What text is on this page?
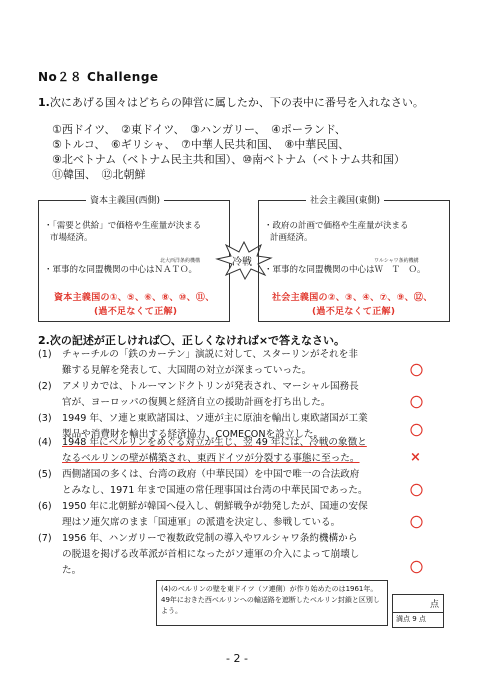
No２８ Challenge
1.次にあげる国々はどちらの陣営に属したか、下の表中に番号を入れなさい。
①西ドイツ、　②東ドイツ、　③ハンガリー、　④ポーランド、
⑤トルコ、　⑥ギリシャ、　⑦中華人民共和国、　⑧中華民国、
⑨北ベトナム（ベトナム民主共和国）、⑩南ベトナム（ベトナム共和国）
⑪韓国、　⑫北朝鮮
資本主義国(西側)
・「需要と供給」で価格や生産量が決まる
市場経済。
北大西洋条約機構
・軍事的な同盟機関の中心はＮＡＴＯ。
資本主義国の①、⑤、⑥、⑧、⑩、⑪、
(過不足なくて正解)
冷戦
社会主義国(東側)
・政府の計画で価格や生産量が決まる
計画経済。
ワルシャワ条約機構
・軍事的な同盟機関の中心はＷ　Ｔ　Ｏ。
社会主義国の②、③、④、⑦、⑨、⑫、
(過不足なくて正解)
2.次の記述が正しければ〇、正しくなければ×で答えなさい。
(1) チャーチルの「鉄のカーテン」演説に対して、スターリンがそれを非
難する見解を発表して、大国間の対立が深まっていった。
(2) アメリカでは、トルーマンドクトリンが発表され、マーシャル国務長
官が、ヨーロッパの復興と経済自立の援助計画を打ち出した。
(3) 1949 年、ソ連と東欧諸国は、ソ連が主に原油を輸出し東欧諸国が工業
製品や消費財を輸出する経済協力、COMECONを設立した。
(4) 1948 年にベルリンをめぐる対立が生じ、翌 49 年には、冷戦の象徴と
なるベルリンの壁が構築され、東西ドイツが分裂する事態に至った。
(5) 西側諸国の多くは、台湾の政府（中華民国）を中国で唯一の合法政府
とみなし、1971 年まで国連の常任理事国は台湾の中華民国であった。
(6) 1950 年に北朝鮮が韓国へ侵入し、朝鮮戦争が勃発したが、国連の安保
理はソ連欠席のまま「国連軍」の派遣を決定し、参戦している。
(7) 1956 年、ハンガリーで複数政党制の導入やワルシャワ条約機構から
の脱退を掲げる改革派が首相になったがソ連軍の介入によって崩壊し
た。
〇
〇
〇
×
〇
〇
〇
(4)のベルリンの壁を東ドイツ（ソ連側）が作り始めたのは1961年。49年におきた西ベルリンへの輸送路を遮断したベルリン封鎖と区別しよう。
点
満点 9 点
- 2 -
